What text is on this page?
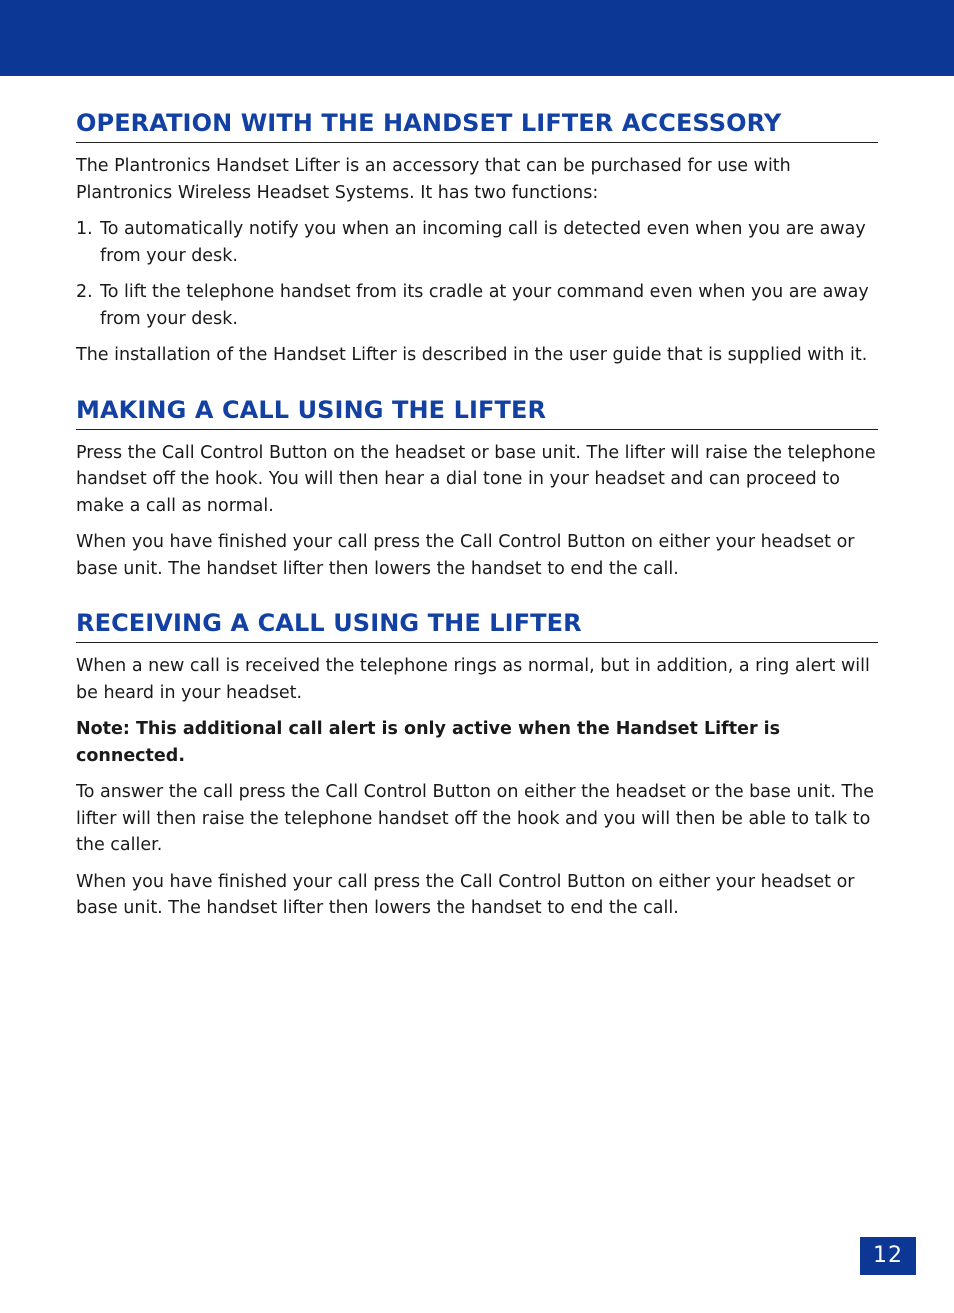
OPERATION WITH THE HANDSET LIFTER ACCESSORY

The Plantronics Handset Lifter is an accessory that can be purchased for use with Plantronics Wireless Headset Systems. It has two functions:

1. To automatically notify you when an incoming call is detected even when you are away from your desk.
2. To lift the telephone handset from its cradle at your command even when you are away from your desk.

The installation of the Handset Lifter is described in the user guide that is supplied with it.

MAKING A CALL USING THE LIFTER

Press the Call Control Button on the headset or base unit. The lifter will raise the telephone handset off the hook. You will then hear a dial tone in your headset and can proceed to make a call as normal.

When you have finished your call press the Call Control Button on either your headset or base unit. The handset lifter then lowers the handset to end the call.

RECEIVING A CALL USING THE LIFTER

When a new call is received the telephone rings as normal, but in addition, a ring alert will be heard in your headset.

Note: This additional call alert is only active when the Handset Lifter is connected.

To answer the call press the Call Control Button on either the headset or the base unit. The lifter will then raise the telephone handset off the hook and you will then be able to talk to the caller.

When you have finished your call press the Call Control Button on either your headset or base unit. The handset lifter then lowers the handset to end the call.

12
